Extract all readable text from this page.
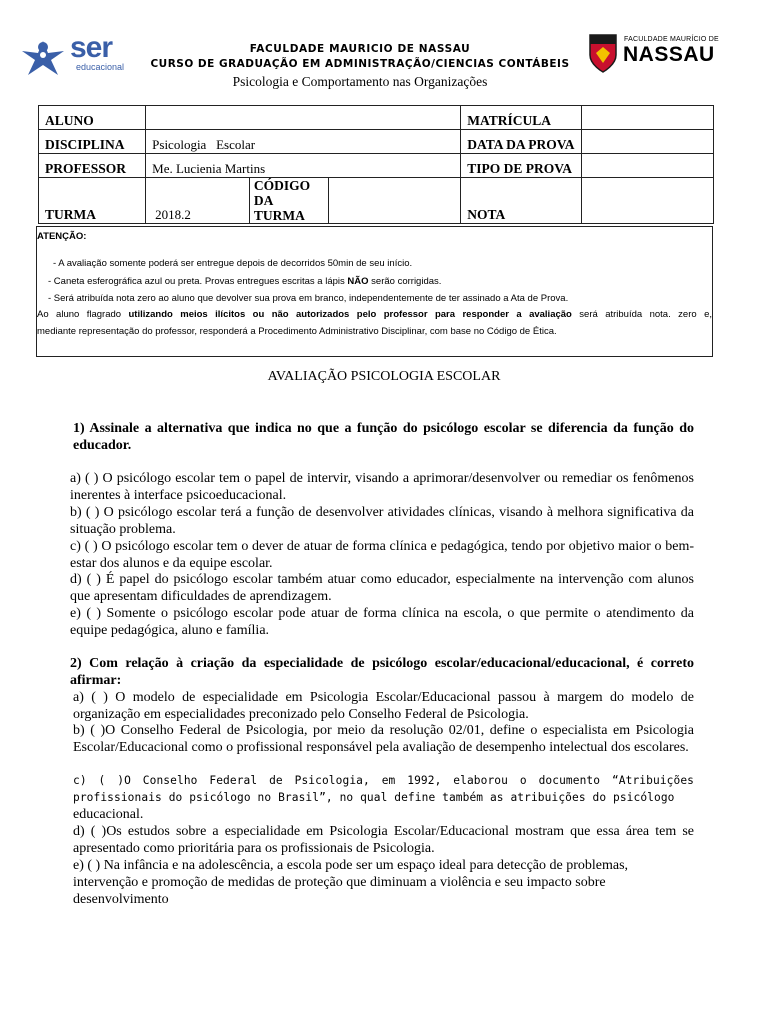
ser
educacional
FACULDADE MAURICIO DE NASSAU
CURSO DE GRADUAÇÃO EM ADMINISTRAÇÃO/CIENCIAS CONTÁBEIS
Psicologia e Comportamento nas Organizações
FACULDADE MAURÍCIO DE
NASSAU
ALUNO				MATRÍCULA	
DISCIPLINA	Psicologia   Escolar			DATA DA PROVA	
PROFESSOR	Me. Lucienia Martins			TIPO DE PROVA	
TURMA	2018.2	CÓDIGO DA TURMA		NOTA	
ATENÇÃO:
- A avaliação somente poderá ser entregue depois de decorridos 50min de seu início.
- Caneta esferográfica azul ou preta. Provas entregues escritas a lápis NÃO serão corrigidas.
- Será atribuída nota zero ao aluno que devolver sua prova em branco, independentemente de ter assinado a Ata de Prova.
Ao aluno flagrado utilizando meios ilícitos ou não autorizados pelo professor para responder a avaliação será atribuída nota. zero e,
mediante representação do professor, responderá a Procedimento Administrativo Disciplinar, com base no Código de Ética.
AVALIAÇÃO PSICOLOGIA ESCOLAR
1) Assinale a alternativa que indica no que a função do psicólogo escolar se diferencia da função do educador.
a) ( ) O psicólogo escolar tem o papel de intervir, visando a aprimorar/desenvolver ou remediar os fenômenos inerentes à interface psicoeducacional.
b) ( ) O psicólogo escolar terá a função de desenvolver atividades clínicas, visando à melhora significativa da situação problema.
c) ( ) O psicólogo escolar tem o dever de atuar de forma clínica e pedagógica, tendo por objetivo maior o bem-estar dos alunos e da equipe escolar.
d) ( ) É papel do psicólogo escolar também atuar como educador, especialmente na intervenção com alunos que apresentam dificuldades de aprendizagem.
e) ( ) Somente o psicólogo escolar pode atuar de forma clínica na escola, o que permite o atendimento da equipe pedagógica, aluno e família.
2) Com relação à criação da especialidade de psicólogo escolar/educacional/educacional, é correto afirmar:
a) ( ) O modelo de especialidade em Psicologia Escolar/Educacional passou à margem do modelo de organização em especialidades preconizado pelo Conselho Federal de Psicologia.
b) ( )O Conselho Federal de Psicologia, por meio da resolução 02/01, define o especialista em Psicologia Escolar/Educacional como o profissional responsável pela avaliação de desempenho intelectual dos escolares.
c) ( )O Conselho Federal de Psicologia, em 1992, elaborou o documento “Atribuições profissionais do psicólogo no Brasil”, no qual define também as atribuições do psicólogo
educacional.
d) ( )Os estudos sobre a especialidade em Psicologia Escolar/Educacional mostram que essa área tem se apresentado como prioritária para os profissionais de Psicologia.
e) ( ) Na infância e na adolescência, a escola pode ser um espaço ideal para detecção de problemas, intervenção e promoção de medidas de proteção que diminuam a violência e seu impacto sobre desenvolvimento
